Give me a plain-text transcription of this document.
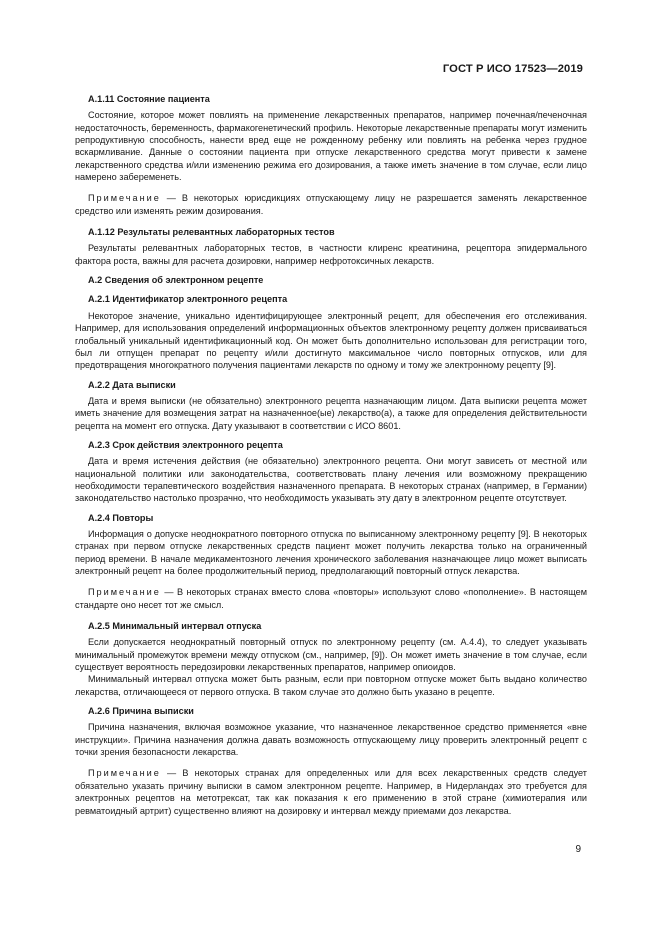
ГОСТ Р ИСО 17523—2019
A.1.11 Состояние пациента

Состояние, которое может повлиять на применение лекарственных препаратов, например почечная/печеночная недостаточность, беременность, фармакогенетический профиль. Некоторые лекарственные препараты могут изменить репродуктивную способность, нанести вред еще не рожденному ребенку или повлиять на ребенка через грудное вскармливание. Данные о состоянии пациента при отпуске лекарственного средства могут привести к замене лекарственного средства и/или изменению режима его дозирования, а также иметь значение в том случае, если лицо намерено забеременеть.

Примечание — В некоторых юрисдикциях отпускающему лицу не разрешается заменять лекарственное средство или изменять режим дозирования.

A.1.12 Результаты релевантных лабораторных тестов

Результаты релевантных лабораторных тестов, в частности клиренс креатинина, рецептора эпидермального фактора роста, важны для расчета дозировки, например нефротоксичных лекарств.

A.2 Сведения об электронном рецепте
A.2.1 Идентификатор электронного рецепта

Некоторое значение, уникально идентифицирующее электронный рецепт, для обеспечения его отслеживания. Например, для использования определений информационных объектов электронному рецепту должен присваиваться глобальный уникальный идентификационный код. Он может быть дополнительно использован для регистрации того, был ли отпущен препарат по рецепту и/или достигнуто максимальное число повторных отпусков, или для предотвращения многократного получения пациентами лекарств по одному и тому же электронному рецепту [9].

A.2.2 Дата выписки

Дата и время выписки (не обязательно) электронного рецепта назначающим лицом. Дата выписки рецепта может иметь значение для возмещения затрат на назначенное(ые) лекарство(а), а также для определения действительности рецепта на момент его отпуска. Дату указывают в соответствии с ИСО 8601.

A.2.3 Срок действия электронного рецепта

Дата и время истечения действия (не обязательно) электронного рецепта. Они могут зависеть от местной или национальной политики или законодательства, соответствовать плану лечения или возможному прекращению необходимости терапевтического воздействия назначенного препарата. В некоторых странах (например, в Германии) законодательство настолько прозрачно, что необходимость указывать эту дату в электронном рецепте отсутствует.

A.2.4 Повторы

Информация о допуске неоднократного повторного отпуска по выписанному электронному рецепту [9]. В некоторых странах при первом отпуске лекарственных средств пациент может получить лекарства только на ограниченный период времени. В начале медикаментозного лечения хронического заболевания назначающее лицо может выписать электронный рецепт на более продолжительный период, предполагающий повторный отпуск лекарства.

Примечание — В некоторых странах вместо слова «повторы» используют слово «пополнение». В настоящем стандарте оно несет тот же смысл.

A.2.5 Минимальный интервал отпуска

Если допускается неоднократный повторный отпуск по электронному рецепту (см. A.4.4), то следует указывать минимальный промежуток времени между отпуском (см., например, [9]). Он может иметь значение в том случае, если существует вероятность передозировки лекарственных препаратов, например опиоидов.

Минимальный интервал отпуска может быть разным, если при повторном отпуске может быть выдано количество лекарства, отличающееся от первого отпуска. В таком случае это должно быть указано в рецепте.

A.2.6 Причина выписки

Причина назначения, включая возможное указание, что назначенное лекарственное средство применяется «вне инструкции». Причина назначения должна давать возможность отпускающему лицу проверить электронный рецепт с точки зрения безопасности лекарства.

Примечание — В некоторых странах для определенных или для всех лекарственных средств следует обязательно указать причину выписки в самом электронном рецепте. Например, в Нидерландах это требуется для электронных рецептов на метотрексат, так как показания к его применению в этой стране (химиотерапия или ревматоидный артрит) существенно влияют на дозировку и интервал между приемами доз лекарства.

9
